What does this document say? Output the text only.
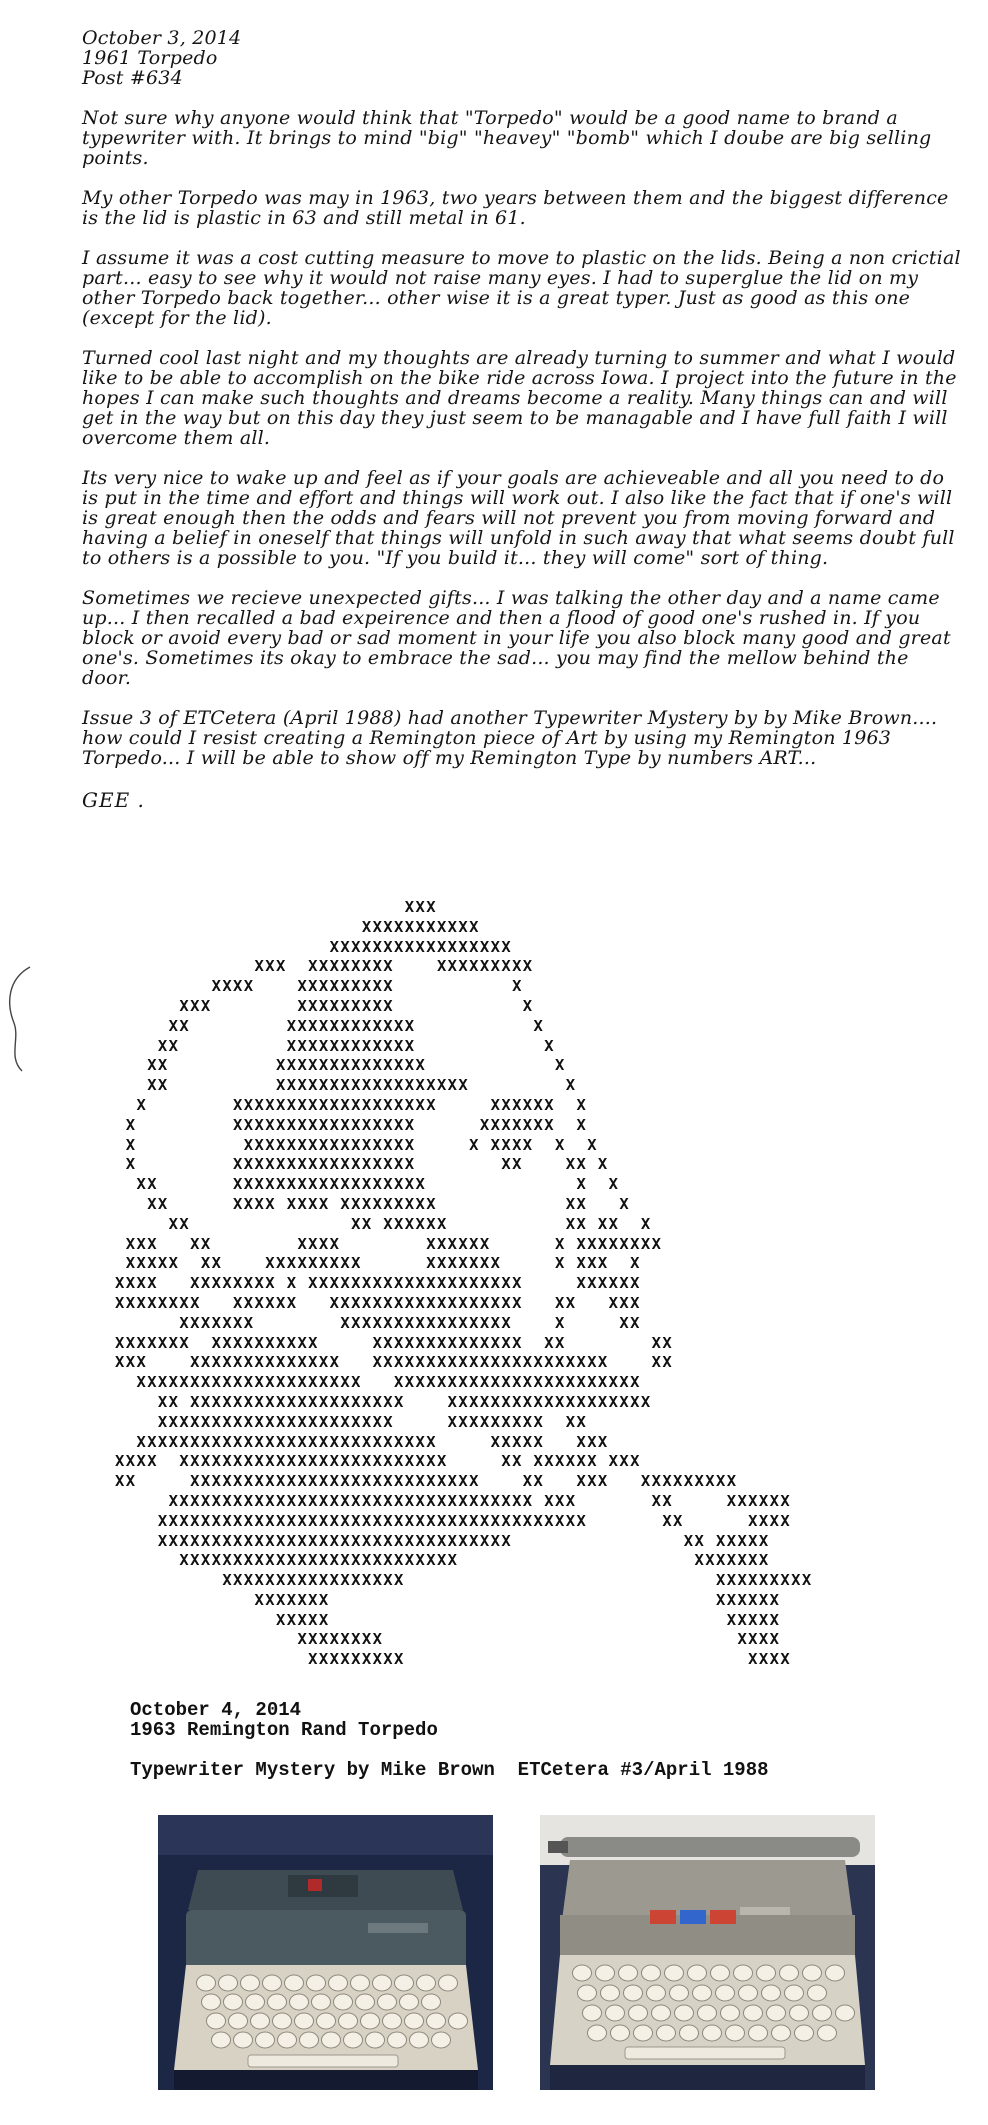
October 3, 2014
1961 Torpedo
Post #634

Not sure why anyone would think that "Torpedo" would be a good name to brand a typewriter with. It brings to mind "big" "heavey" "bomb" which I doube are big selling points.

My other Torpedo was may in 1963, two years between them and the biggest difference is the lid is plastic in 63 and still metal in 61.

I assume it was a cost cutting measure to move to plastic on the lids. Being a non crictial part... easy to see why it would not raise many eyes. I had to superglue the lid on my other Torpedo back together... other wise it is a great typer. Just as good as this one (except for the lid).

Turned cool last night and my thoughts are already turning to summer and what I would like to be able to accomplish on the bike ride across Iowa. I project into the future in the hopes I can make such thoughts and dreams become a reality. Many things can and will get in the way but on this day they just seem to be managable and I have full faith I will overcome them all.

Its very nice to wake up and feel as if your goals are achieveable and all you need to do is put in the time and effort and things will work out. I also like the fact that if one's will is great enough then the odds and fears will not prevent you from moving forward and having a belief in oneself that things will unfold in such away that what seems doubt full to others is a possible to you. "If you build it... they will come" sort of thing.

Sometimes we recieve unexpected gifts... I was talking the other day and a name came up... I then recalled a bad expeirence and then a flood of good one's rushed in. If you block or avoid every bad or sad moment in your life you also block many good and great one's. Sometimes its okay to embrace the sad... you may find the mellow behind the door.

Issue 3 of ETCetera (April 1988) had another Typewriter Mystery by by Mike Brown.... how could I resist creating a Remington piece of Art by using my Remington 1963 Torpedo... I will be able to show off my Remington Type by numbers ART...

GEE .
XXX
XXXXXXXXXXX
XXXXXXXXXXXXXXXXX
XXX  XXXXXXXX    XXXXXXXXX
XXXX    XXXXXXXXX           X
XXX        XXXXXXXXX            X
XX         XXXXXXXXXXXX           X
XX          XXXXXXXXXXXX            X
XX          XXXXXXXXXXXXXX            X
XX          XXXXXXXXXXXXXXXXXX         X
X        XXXXXXXXXXXXXXXXXXX     XXXXXX  X
X         XXXXXXXXXXXXXXXXX      XXXXXXX  X
X          XXXXXXXXXXXXXXXX     X XXXX  X  X
X         XXXXXXXXXXXXXXXXX        XX    XX X
XX       XXXXXXXXXXXXXXXXXX              X  X
XX      XXXX XXXX XXXXXXXXX            XX   X
XX               XX XXXXXX           XX XX  X
XXX   XX        XXXX        XXXXXX      X XXXXXXXX
XXXXX  XX    XXXXXXXXX      XXXXXXX     X XXX  X
XXXX   XXXXXXXX X XXXXXXXXXXXXXXXXXXXX     XXXXXX
XXXXXXXX   XXXXXX   XXXXXXXXXXXXXXXXXX   XX   XXX
XXXXXXX        XXXXXXXXXXXXXXXX    X     XX
XXXXXXX  XXXXXXXXXX     XXXXXXXXXXXXXX  XX        XX
XXX    XXXXXXXXXXXXXX   XXXXXXXXXXXXXXXXXXXXXX    XX
XXXXXXXXXXXXXXXXXXXXX   XXXXXXXXXXXXXXXXXXXXXXX
XX XXXXXXXXXXXXXXXXXXXX    XXXXXXXXXXXXXXXXXXX
XXXXXXXXXXXXXXXXXXXXXX     XXXXXXXXX  XX
XXXXXXXXXXXXXXXXXXXXXXXXXXXX     XXXXX   XXX
XXXX  XXXXXXXXXXXXXXXXXXXXXXXXX     XX XXXXXX XXX
XX     XXXXXXXXXXXXXXXXXXXXXXXXXXX    XX   XXX   XXXXXXXXX
XXXXXXXXXXXXXXXXXXXXXXXXXXXXXXXXXX XXX       XX     XXXXXX
XXXXXXXXXXXXXXXXXXXXXXXXXXXXXXXXXXXXXXXX       XX      XXXX
XXXXXXXXXXXXXXXXXXXXXXXXXXXXXXXXX                XX XXXXX
XXXXXXXXXXXXXXXXXXXXXXXXXX                      XXXXXXX
XXXXXXXXXXXXXXXXX                             XXXXXXXXX
XXXXXXX                                    XXXXXX
XXXXX                                     XXXXX
XXXXXXXX                                 XXXX
XXXXXXXXX                                XXXX

October 4, 2014
1963 Remington Rand Torpedo
Typewriter Mystery by Mike Brown  ETCetera #3/April 1988
